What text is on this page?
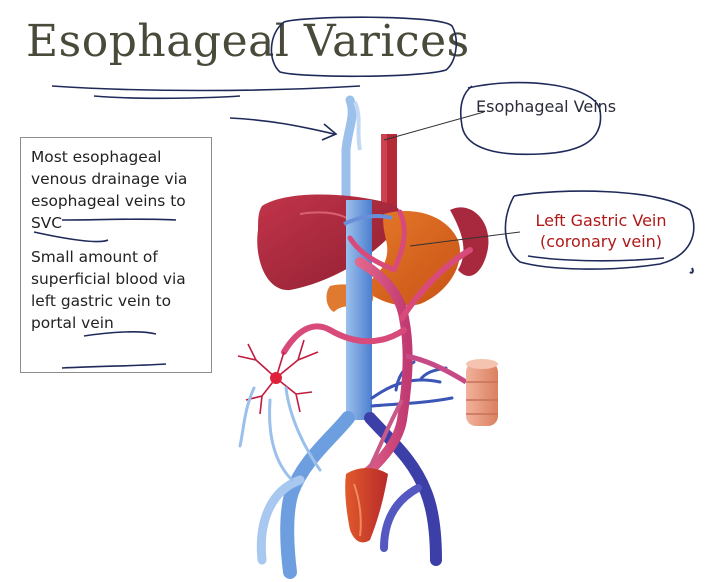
Esophageal Varices

Most esophageal venous drainage via esophageal veins to SVC

Small amount of superficial blood via left gastric vein to portal vein

Esophageal Veins
Left Gastric Vein
(coronary vein)
